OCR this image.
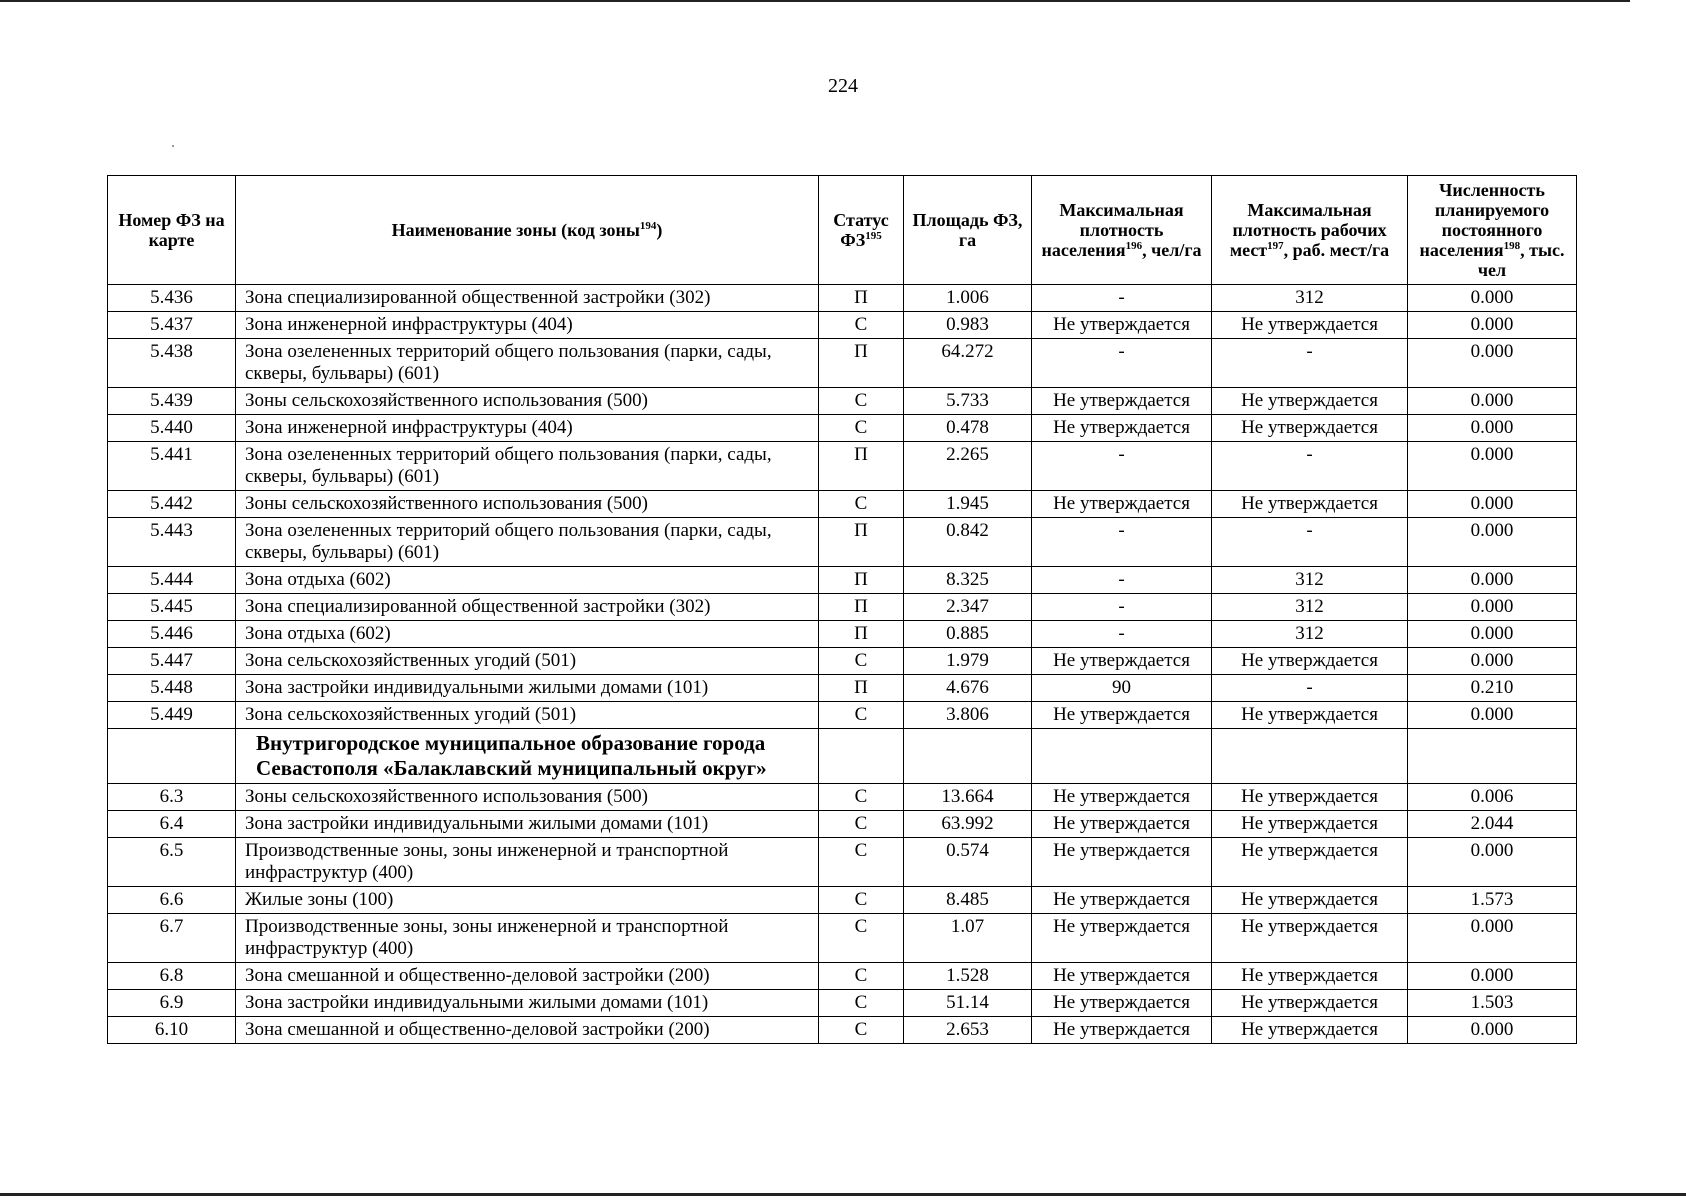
224
Номер ФЗ на карте	Наименование зоны (код зоны$^{194}$)	Статус ФЗ$^{195}$	Площадь ФЗ, га	Максимальная плотность населения$^{196}$, чел/га	Максимальная плотность рабочих мест$^{197}$, раб. мест/га	Численность планируемого постоянного населения$^{198}$, тыс. чел
5.436	Зона специализированной общественной застройки (302)	П	1.006	-	312	0.000
5.437	Зона инженерной инфраструктуры (404)	С	0.983	Не утверждается	Не утверждается	0.000
5.438	Зона озелененных территорий общего пользования (парки, сады, скверы, бульвары) (601)	П	64.272	-	-	0.000
5.439	Зоны сельскохозяйственного использования (500)	С	5.733	Не утверждается	Не утверждается	0.000
5.440	Зона инженерной инфраструктуры (404)	С	0.478	Не утверждается	Не утверждается	0.000
5.441	Зона озелененных территорий общего пользования (парки, сады, скверы, бульвары) (601)	П	2.265	-	-	0.000
5.442	Зоны сельскохозяйственного использования (500)	С	1.945	Не утверждается	Не утверждается	0.000
5.443	Зона озелененных территорий общего пользования (парки, сады, скверы, бульвары) (601)	П	0.842	-	-	0.000
5.444	Зона отдыха (602)	П	8.325	-	312	0.000
5.445	Зона специализированной общественной застройки (302)	П	2.347	-	312	0.000
5.446	Зона отдыха (602)	П	0.885	-	312	0.000
5.447	Зона сельскохозяйственных угодий (501)	С	1.979	Не утверждается	Не утверждается	0.000
5.448	Зона застройки индивидуальными жилыми домами (101)	П	4.676	90	-	0.210
5.449	Зона сельскохозяйственных угодий (501)	С	3.806	Не утверждается	Не утверждается	0.000
	Внутригородское муниципальное образование города Севастополя «Балаклавский муниципальный округ»					
6.3	Зоны сельскохозяйственного использования (500)	С	13.664	Не утверждается	Не утверждается	0.006
6.4	Зона застройки индивидуальными жилыми домами (101)	С	63.992	Не утверждается	Не утверждается	2.044
6.5	Производственные зоны, зоны инженерной и транспортной инфраструктур (400)	С	0.574	Не утверждается	Не утверждается	0.000
6.6	Жилые зоны (100)	С	8.485	Не утверждается	Не утверждается	1.573
6.7	Производственные зоны, зоны инженерной и транспортной инфраструктур (400)	С	1.07	Не утверждается	Не утверждается	0.000
6.8	Зона смешанной и общественно-деловой застройки (200)	С	1.528	Не утверждается	Не утверждается	0.000
6.9	Зона застройки индивидуальными жилыми домами (101)	С	51.14	Не утверждается	Не утверждается	1.503
6.10	Зона смешанной и общественно-деловой застройки (200)	С	2.653	Не утверждается	Не утверждается	0.000
